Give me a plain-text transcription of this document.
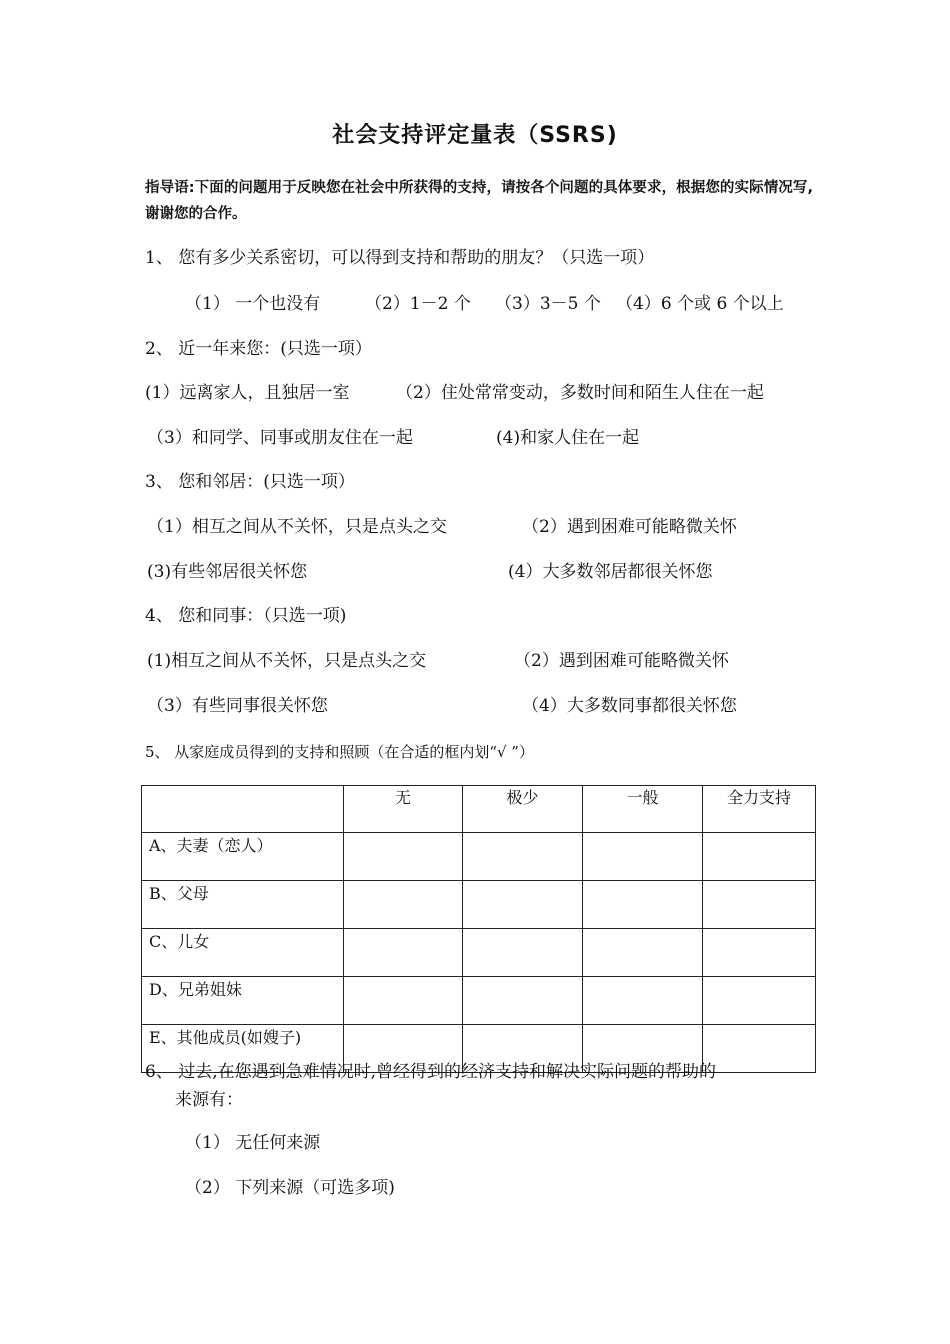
社会支持评定量表（SSRS)
指导语:下面的问题用于反映您在社会中所获得的支持，请按各个问题的具体要求，根据您的实际情况写,谢谢您的合作。
1、 您有多少关系密切，可以得到支持和帮助的朋友？（只选一项）
（1） 一个也没有	（2）1－2 个 （3）3－5 个 （4）6 个或 6 个以上
2、 近一年来您：(只选一项）
(1）远离家人，且独居一室	（2）住处常常变动，多数时间和陌生人住在一起
（3）和同学、同事或朋友住在一起	(4)和家人住在一起
3、 您和邻居：(只选一项）
（1）相互之间从不关怀，只是点头之交	（2）遇到困难可能略微关怀
(3)有些邻居很关怀您	(4）大多数邻居都很关怀您
4、 您和同事：（只选一项)
(1)相互之间从不关怀，只是点头之交	（2）遇到困难可能略微关怀
（3）有些同事很关怀您	（4）大多数同事都很关怀您
5、 从家庭成员得到的支持和照顾（在合适的框内划“√ ”）
	无	极少	一般	全力支持
A、夫妻（恋人）				
B、父母				
C、儿女				
D、兄弟姐妹				
E、其他成员(如嫂子)				
6、 过去,在您遇到急难情况时,曾经得到的经济支持和解决实际问题的帮助的
来源有：
（1） 无任何来源
（2） 下列来源（可选多项)
